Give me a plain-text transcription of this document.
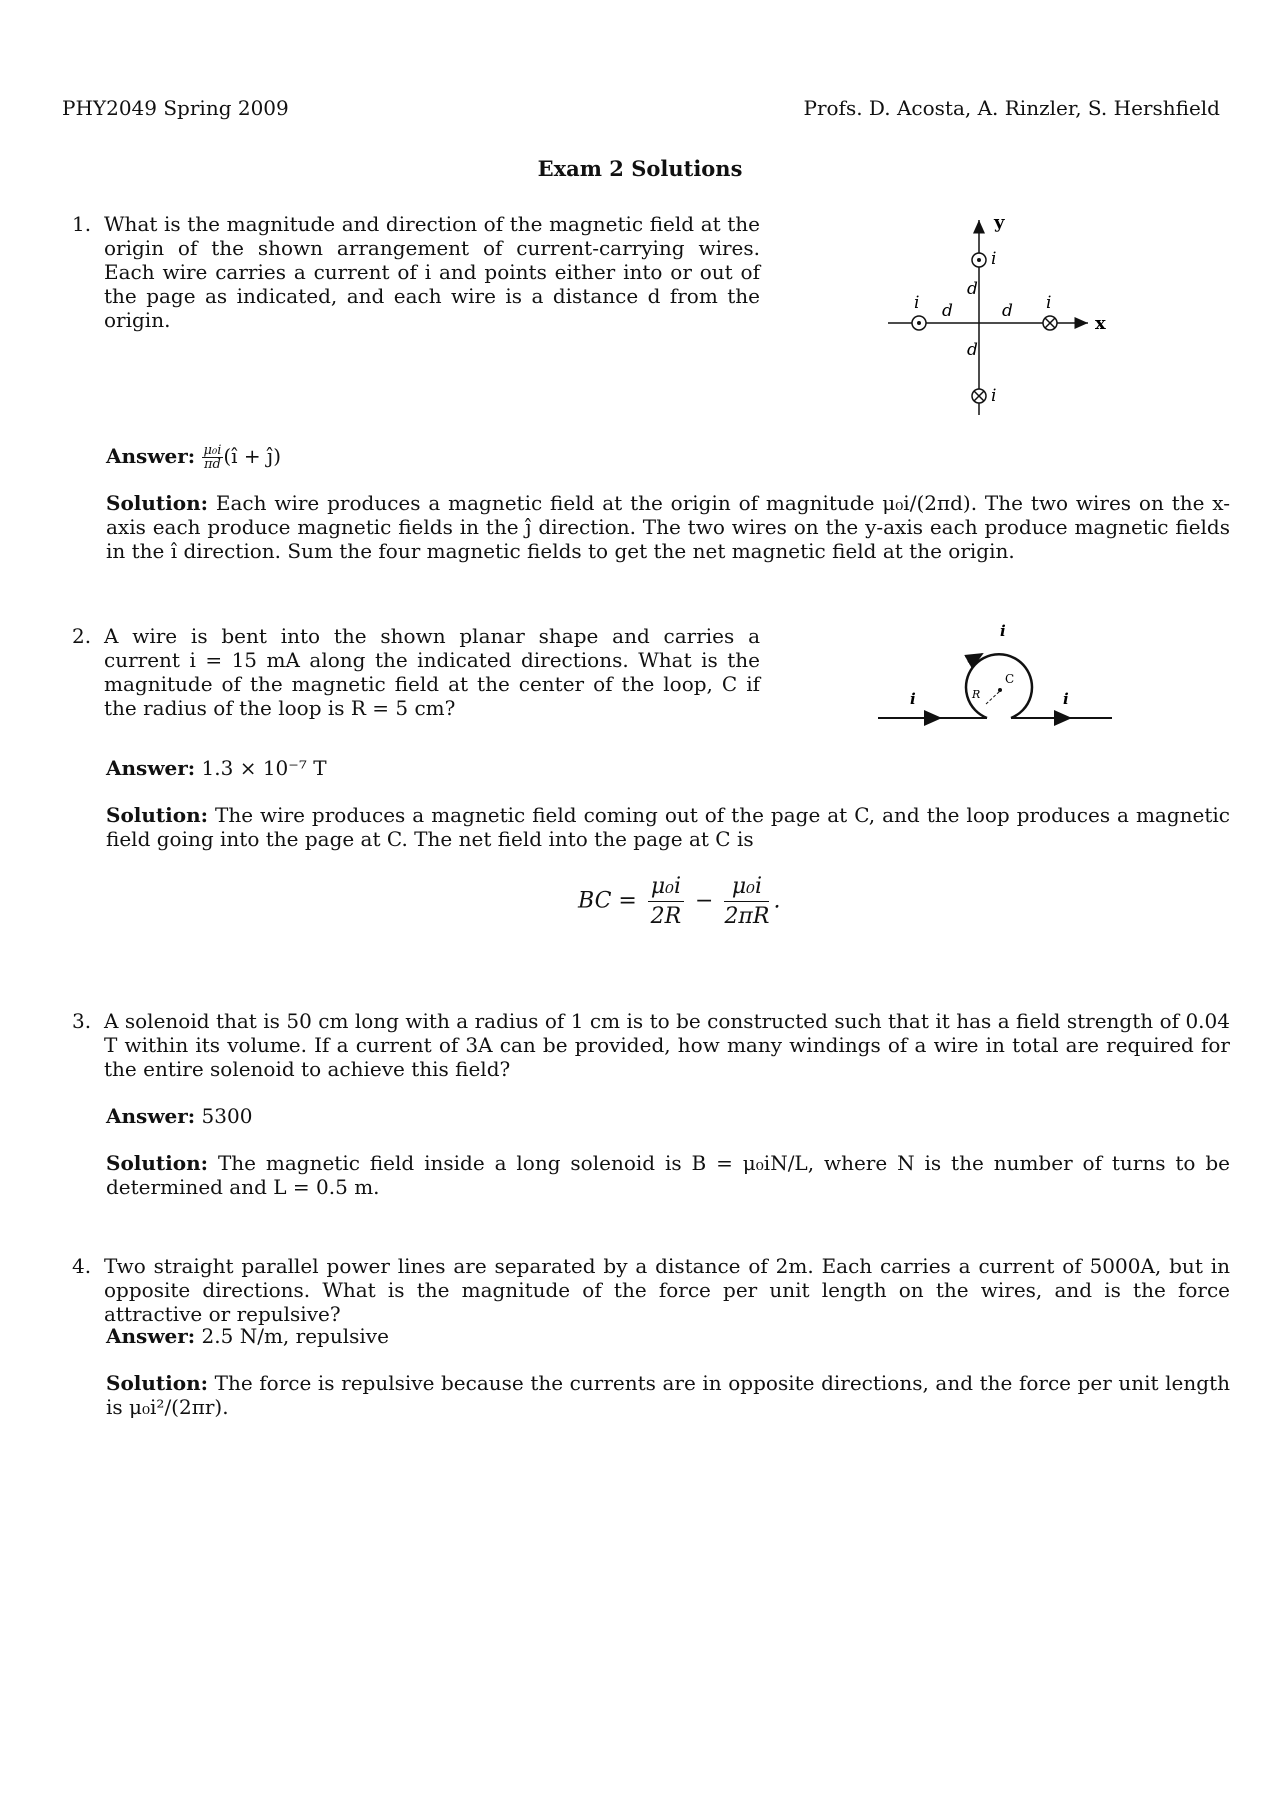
PHY2049 Spring 2009	Profs. D. Acosta, A. Rinzler, S. Hershfield
Exam 2 Solutions
1. What is the magnitude and direction of the magnetic field at the origin of the shown arrangement of current-carrying wires. Each wire carries a current of i and points either into or out of the page as indicated, and each wire is a distance d from the origin.
y
x
i
i	i
i
d
d	d
d
Answer: $\frac{\text{μ₀i}}{\pi d}$ (î + ĵ)
Solution: Each wire produces a magnetic field at the origin of magnitude μ₀i/(2πd). The two wires on the x-axis each produce magnetic fields in the ĵ direction. The two wires on the y-axis each produce magnetic fields in the î direction. Sum the four magnetic fields to get the net magnetic field at the origin.
2. A wire is bent into the shown planar shape and carries a current i = 15 mA along the indicated directions. What is the magnitude of the magnetic field at the center of the loop, C if the radius of the loop is R = 5 cm?
C
R
i
i	i
Answer: 1.3 × 10⁻⁷ T
Solution: The wire produces a magnetic field coming out of the page at C, and the loop produces a magnetic field going into the page at C. The net field into the page at C is
BC = $\frac{\text{μ₀i}}{2R} - \frac{\text{μ₀i}}{2\pi R}$ .
3. A solenoid that is 50 cm long with a radius of 1 cm is to be constructed such that it has a field strength of 0.04 T within its volume. If a current of 3A can be provided, how many windings of a wire in total are required for the entire solenoid to achieve this field?
Answer: 5300
Solution: The magnetic field inside a long solenoid is B = μ₀iN/L, where N is the number of turns to be determined and L = 0.5 m.
4. Two straight parallel power lines are separated by a distance of 2m. Each carries a current of 5000A, but in opposite directions. What is the magnitude of the force per unit length on the wires, and is the force attractive or repulsive?
Answer: 2.5 N/m, repulsive
Solution: The force is repulsive because the currents are in opposite directions, and the force per unit length is μ₀i²/(2πr).
